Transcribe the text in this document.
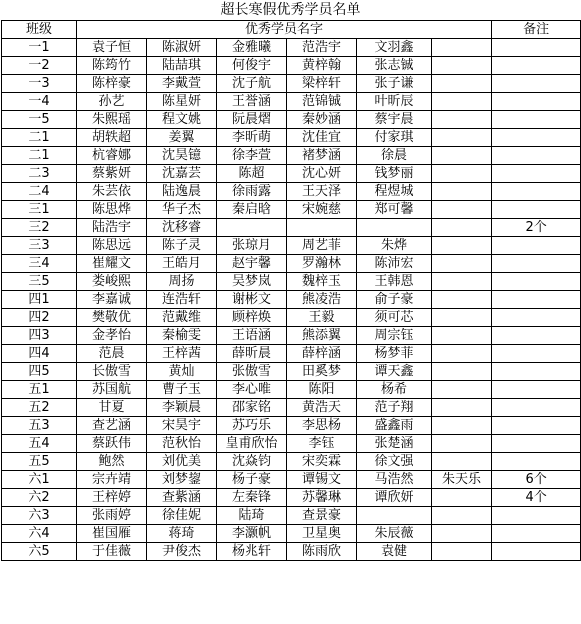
超长寒假优秀学员名单
班级	优秀学员名字						备注
一1	袁子恒	陈淑妍	金雅曦	范浩宇	文羽鑫		
一2	陈筠竹	陆喆琪	何俊宇	黄梓翰	张志铖		
一3	陈梓豪	李戴萱	沈子航	梁梓轩	张子谦		
一4	孙艺	陈星妍	王誉涵	范锦铖	叶昕辰		
一5	朱熙瑶	程文姚	阮晨熠	秦妙涵	蔡宇晨		
二1	胡轶超	姜翼	李昕萌	沈佳宜	付家琪		
二1	杭睿娜	沈昊镱	徐李萱	褚梦涵	徐晨		
二3	蔡紫妍	沈嘉芸	陈超	沈心妍	钱梦丽		
二4	朱芸依	陆逸晨	徐雨露	王天泽	程煜城		
三1	陈思烨	华子杰	秦启晗	宋婉慈	郑可馨		
三2	陆浩宇	沈移睿					2个
三3	陈思远	陈子灵	张琼月	周艺菲	朱烨		
三4	崔耀文	王皓月	赵宇馨	罗瀚林	陈沛宏		
三5	娄峻熙	周扬	吴梦岚	魏梓玉	王韩恩		
四1	李嘉诚	连浩轩	谢彬文	熊凌浩	俞子豪		
四2	樊敬优	范戴维	顾梓焕	王毅	须可芯		
四3	金孝怡	秦榆雯	王语涵	熊添翼	周宗钰		
四4	范晨	王梓茜	薛昕晨	薛梓涵	杨梦菲		
四5	长傲雪	黄灿	张傲雪	田奚梦	谭天鑫		
五1	苏国航	曹子玉	李心唯	陈阳	杨希		
五2	甘夏	李颖晨	邵家铭	黄浩天	范子翔		
五3	查艺涵	宋昊宇	苏巧乐	李思杨	盛鑫雨		
五4	蔡跃伟	范秋怡	皇甫欣怡	李钰	张楚涵		
五5	鲍然	刘优美	沈焱钧	宋奕霖	徐文强		
六1	宗卉靖	刘梦鋆	杨子豪	谭锡文	马浩然	朱天乐	6个
六2	王梓婷	查紫涵	左秦锋	苏馨琳	谭欣妍		4个
六3	张雨婷	徐佳妮	陆琦	查景豪			
六4	崔国雁	蒋琦	李灏帆	卫星奥	朱辰薇		
六5	于佳薇	尹俊杰	杨兆轩	陈雨欣	袁健		
